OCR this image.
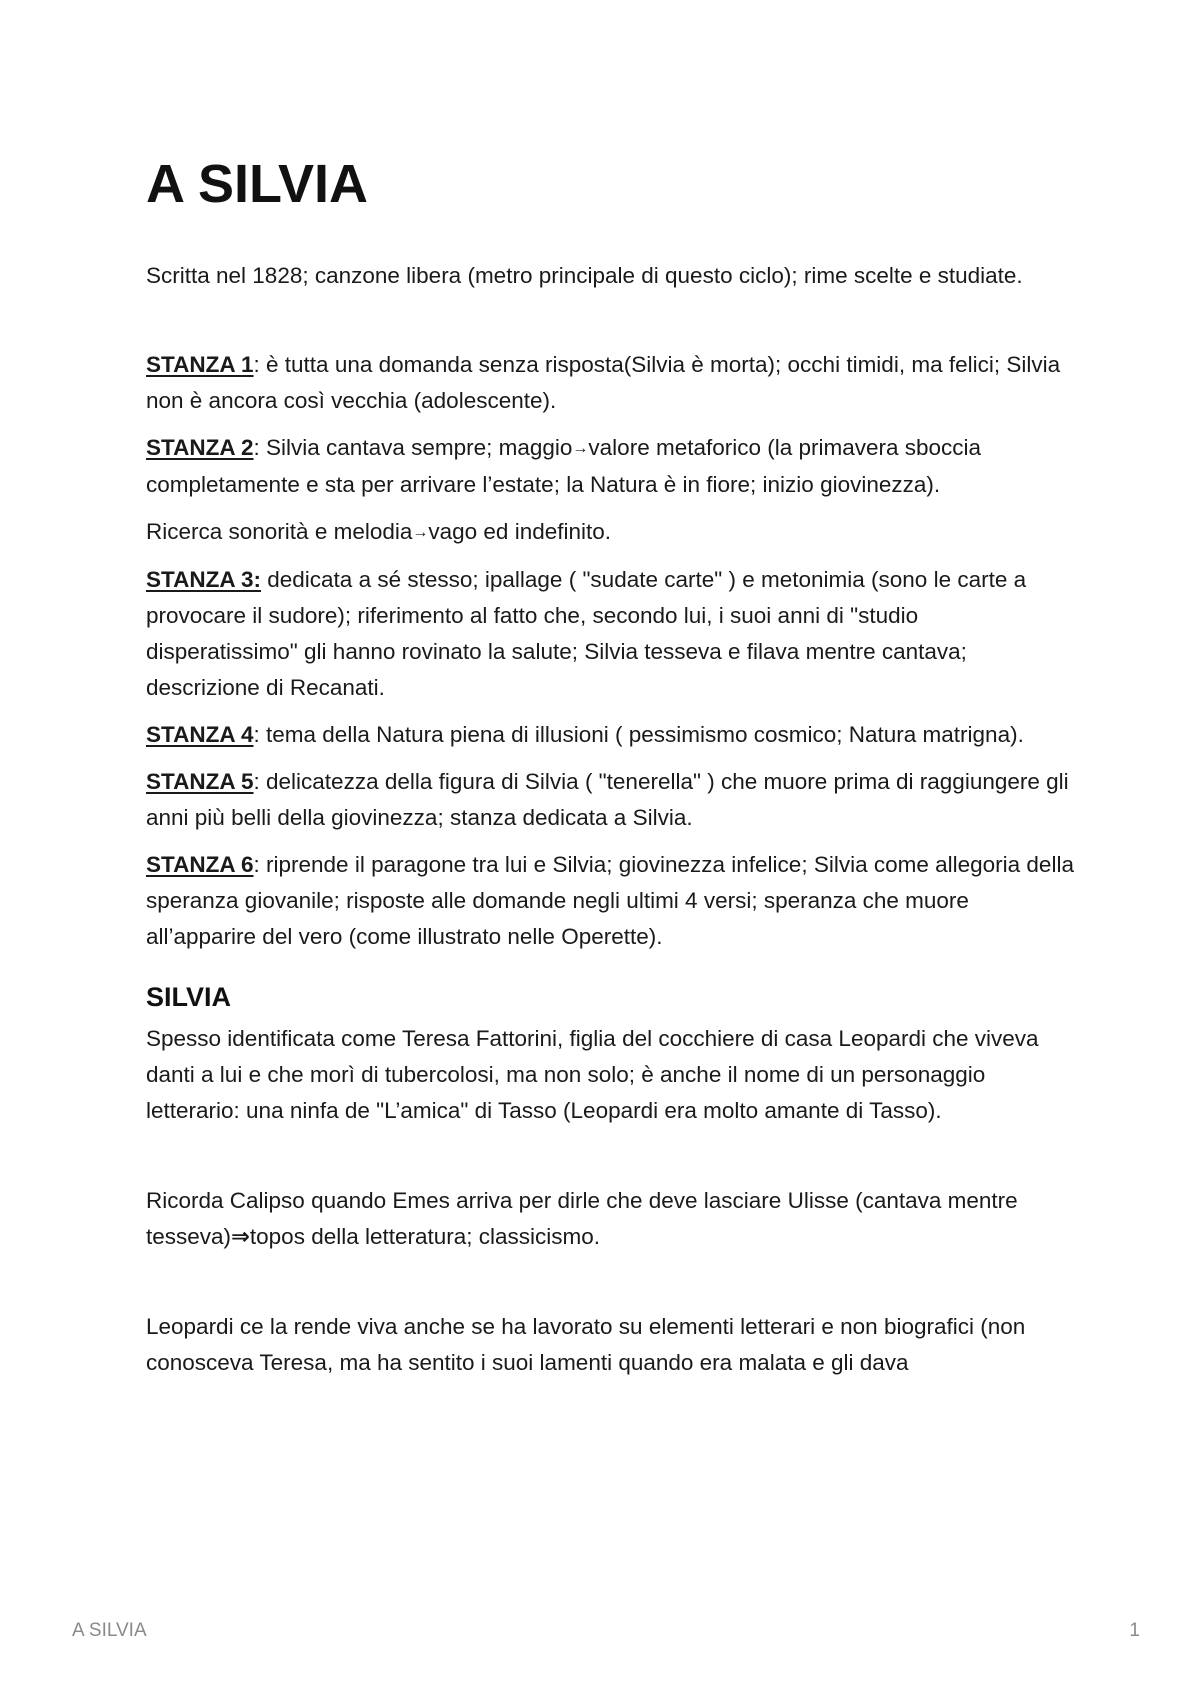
A SILVIA

Scritta nel 1828; canzone libera (metro principale di questo ciclo); rime scelte e studiate.

STANZA 1: è tutta una domanda senza risposta(Silvia è morta); occhi timidi, ma felici; Silvia non è ancora così vecchia (adolescente).

STANZA 2: Silvia cantava sempre; maggio→valore metaforico (la primavera sboccia completamente e sta per arrivare l’estate; la Natura è in fiore; inizio giovinezza).

Ricerca sonorità e melodia→vago ed indefinito.

STANZA 3: dedicata a sé stesso; ipallage ( "sudate carte" ) e metonimia (sono le carte a provocare il sudore); riferimento al fatto che, secondo lui, i suoi anni di "studio disperatissimo" gli hanno rovinato la salute; Silvia tesseva e filava mentre cantava; descrizione di Recanati.

STANZA 4: tema della Natura piena di illusioni ( pessimismo cosmico; Natura matrigna).

STANZA 5: delicatezza della figura di Silvia ( "tenerella" ) che muore prima di raggiungere gli anni più belli della giovinezza; stanza dedicata a Silvia.

STANZA 6: riprende il paragone tra lui e Silvia; giovinezza infelice; Silvia come allegoria della speranza giovanile; risposte alle domande negli ultimi 4 versi; speranza che muore all’apparire del vero (come illustrato nelle Operette).

SILVIA

Spesso identificata come Teresa Fattorini, figlia del cocchiere di casa Leopardi che viveva danti a lui e che morì di tubercolosi, ma non solo; è anche il nome di un personaggio letterario: una ninfa de "L’amica" di Tasso (Leopardi era molto amante di Tasso).

Ricorda Calipso quando Emes arriva per dirle che deve lasciare Ulisse (cantava mentre tesseva)⇒topos della letteratura; classicismo.

Leopardi ce la rende viva anche se ha lavorato su elementi letterari e non biografici (non conosceva Teresa, ma ha sentito i suoi lamenti quando era malata e gli dava

A SILVIA	1
